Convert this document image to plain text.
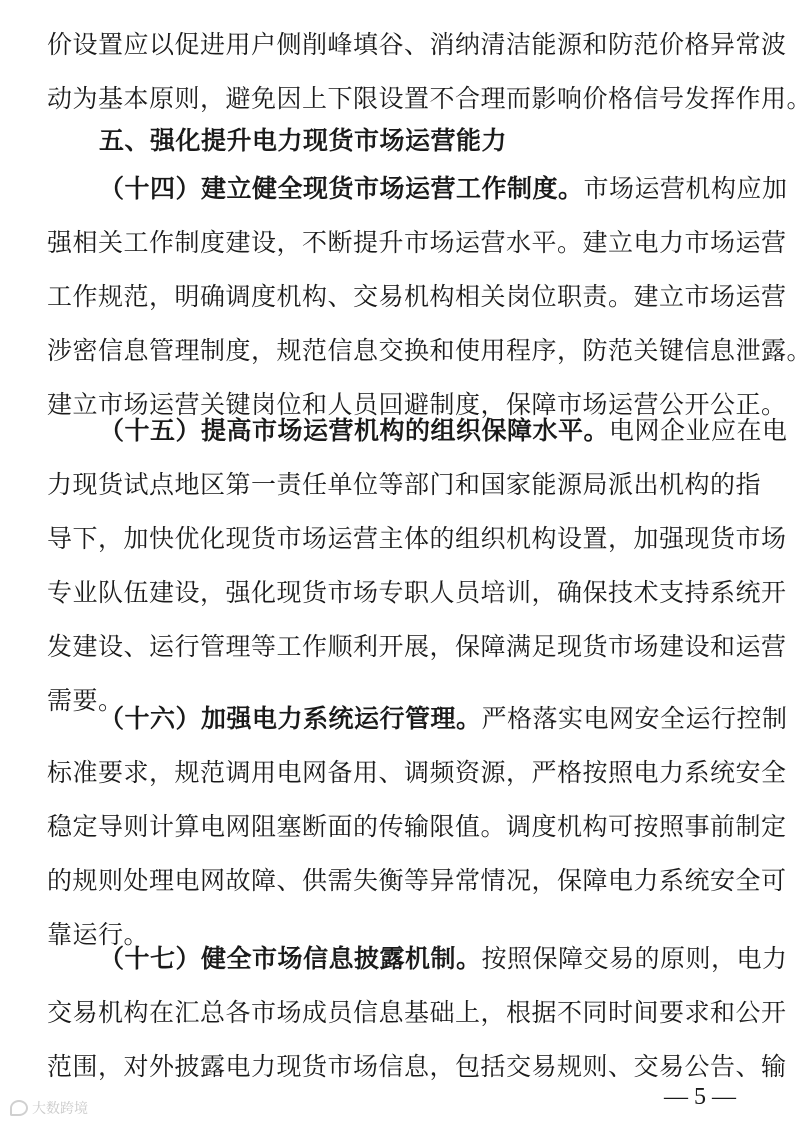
价设置应以促进用户侧削峰填谷、消纳清洁能源和防范价格异常波
动为基本原则，避免因上下限设置不合理而影响价格信号发挥作用。
五、强化提升电力现货市场运营能力
（十四）建立健全现货市场运营工作制度。市场运营机构应加
强相关工作制度建设，不断提升市场运营水平。建立电力市场运营
工作规范，明确调度机构、交易机构相关岗位职责。建立市场运营
涉密信息管理制度，规范信息交换和使用程序，防范关键信息泄露。
建立市场运营关键岗位和人员回避制度，保障市场运营公开公正。
（十五）提高市场运营机构的组织保障水平。电网企业应在电
力现货试点地区第一责任单位等部门和国家能源局派出机构的指
导下，加快优化现货市场运营主体的组织机构设置，加强现货市场
专业队伍建设，强化现货市场专职人员培训，确保技术支持系统开
发建设、运行管理等工作顺利开展，保障满足现货市场建设和运营
需要。
（十六）加强电力系统运行管理。严格落实电网安全运行控制
标准要求，规范调用电网备用、调频资源，严格按照电力系统安全
稳定导则计算电网阻塞断面的传输限值。调度机构可按照事前制定
的规则处理电网故障、供需失衡等异常情况，保障电力系统安全可
靠运行。
（十七）健全市场信息披露机制。按照保障交易的原则，电力
交易机构在汇总各市场成员信息基础上，根据不同时间要求和公开
范围，对外披露电力现货市场信息，包括交易规则、交易公告、输
— 5 —
大数跨境
